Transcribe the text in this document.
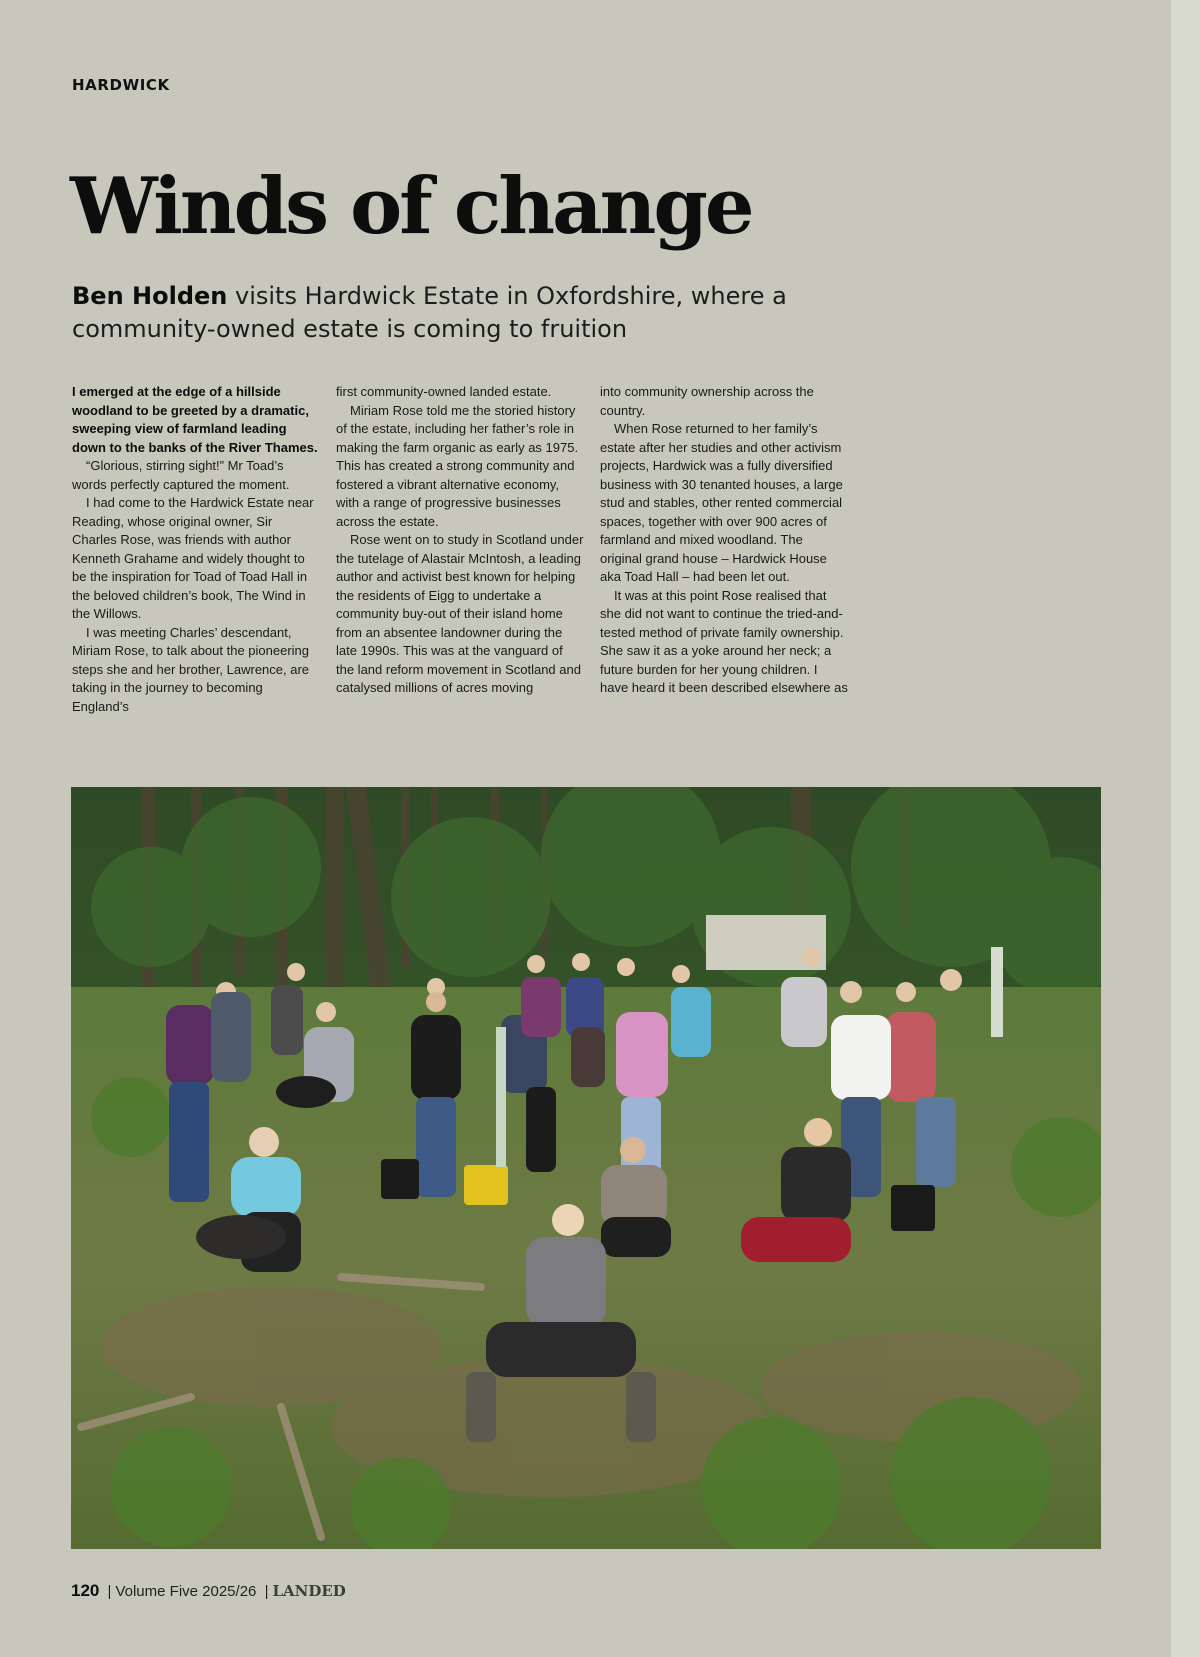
HARDWICK
Winds of change

Ben Holden visits Hardwick Estate in Oxfordshire, where a community-owned estate is coming to fruition

I emerged at the edge of a hillside woodland to be greeted by a dramatic, sweeping view of farmland leading down to the banks of the River Thames.

“Glorious, stirring sight!” Mr Toad’s words perfectly captured the moment.

I had come to the Hardwick Estate near Reading, whose original owner, Sir Charles Rose, was friends with author Kenneth Grahame and widely thought to be the inspiration for Toad of Toad Hall in the beloved children’s book, The Wind in the Willows.

I was meeting Charles’ descendant, Miriam Rose, to talk about the pioneering steps she and her brother, Lawrence, are taking in the journey to becoming England’s

first community-owned landed estate.

Miriam Rose told me the storied history of the estate, including her father’s role in making the farm organic as early as 1975. This has created a strong community and fostered a vibrant alternative economy, with a range of progressive businesses across the estate.

Rose went on to study in Scotland under the tutelage of Alastair McIntosh, a leading author and activist best known for helping the residents of Eigg to undertake a community buy-out of their island home from an absentee landowner during the late 1990s. This was at the vanguard of the land reform movement in Scotland and catalysed millions of acres moving

into community ownership across the country.

When Rose returned to her family’s estate after her studies and other activism projects, Hardwick was a fully diversified business with 30 tenanted houses, a large stud and stables, other rented commercial spaces, together with over 900 acres of farmland and mixed woodland. The original grand house – Hardwick House aka Toad Hall – had been let out.

It was at this point Rose realised that she did not want to continue the tried-and-tested method of private family ownership. She saw it as a yoke around her neck; a future burden for her young children. I have heard it been described elsewhere as

120 | Volume Five 2025/26 | LANDED
